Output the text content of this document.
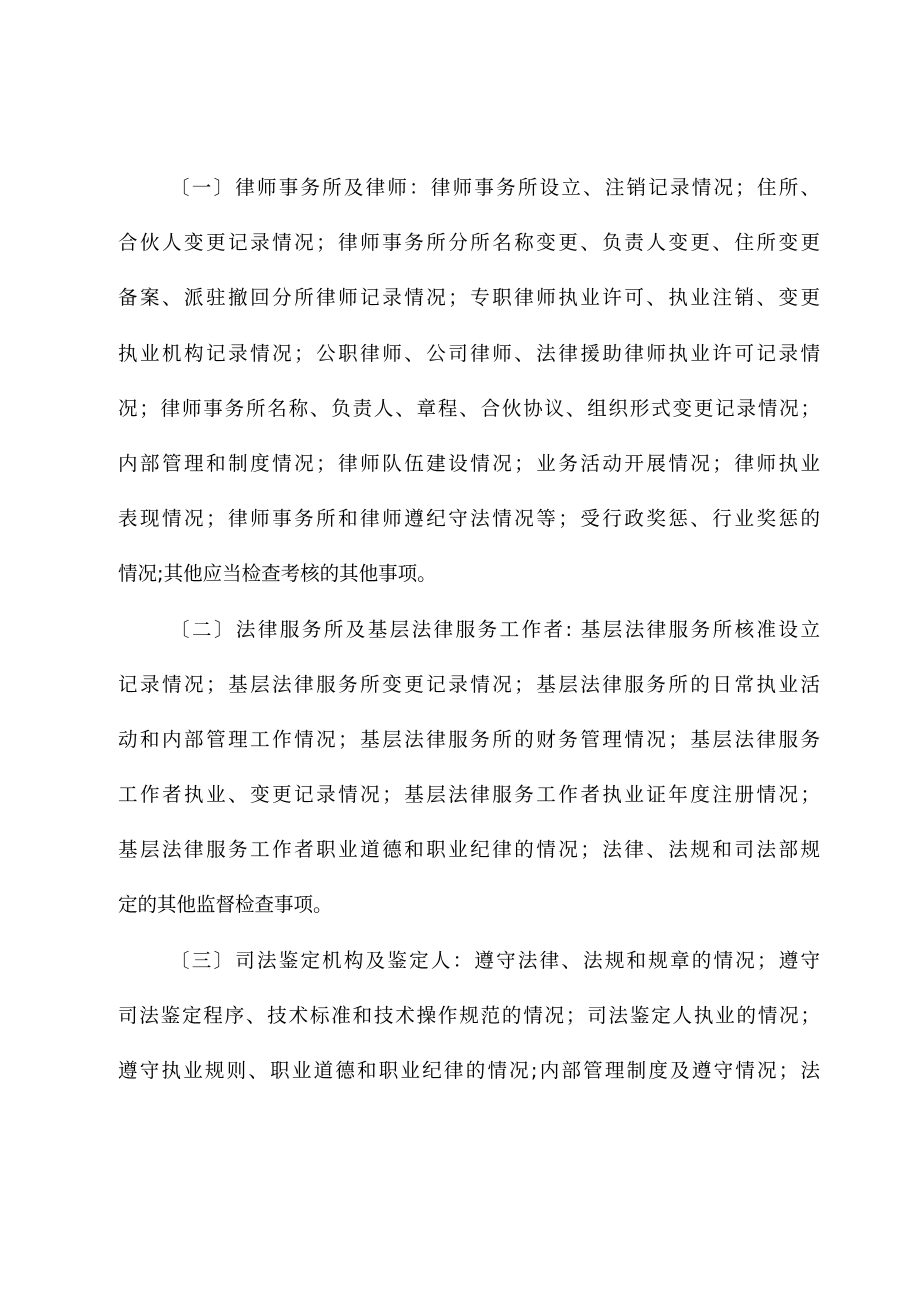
〔一〕律师事务所及律师：律师事务所设立、注销记录情况；住所、
合伙人变更记录情况；律师事务所分所名称变更、负责人变更、住所变更
备案、派驻撤回分所律师记录情况；专职律师执业许可、执业注销、变更
执业机构记录情况；公职律师、公司律师、法律援助律师执业许可记录情
况；律师事务所名称、负责人、章程、合伙协议、组织形式变更记录情况；
内部管理和制度情况；律师队伍建设情况；业务活动开展情况；律师执业
表现情况；律师事务所和律师遵纪守法情况等；受行政奖惩、行业奖惩的
情况;其他应当检查考核的其他事项。
〔二〕法律服务所及基层法律服务工作者: 基层法律服务所核准设立
记录情况；基层法律服务所变更记录情况；基层法律服务所的日常执业活
动和内部管理工作情况；基层法律服务所的财务管理情况；基层法律服务
工作者执业、变更记录情况；基层法律服务工作者执业证年度注册情况；
基层法律服务工作者职业道德和职业纪律的情况；法律、法规和司法部规
定的其他监督检查事项。
〔三〕司法鉴定机构及鉴定人：遵守法律、法规和规章的情况；遵守
司法鉴定程序、技术标准和技术操作规范的情况；司法鉴定人执业的情况；
遵守执业规则、职业道德和职业纪律的情况;内部管理制度及遵守情况；法
